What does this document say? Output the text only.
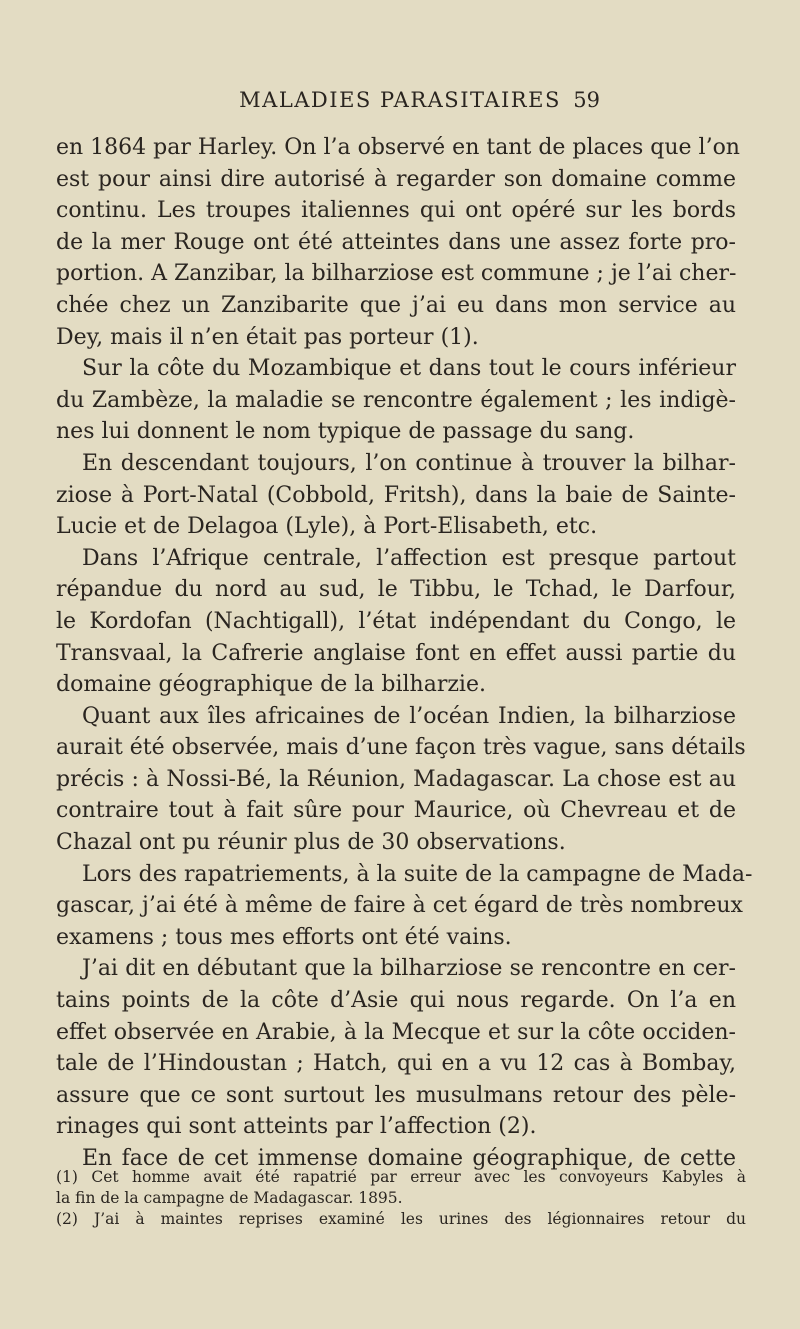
MALADIES PARASITAIRES 59
en 1864 par Harley. On l’a observé en tant de places que l’on
est pour ainsi dire autorisé à regarder son domaine comme
continu. Les troupes italiennes qui ont opéré sur les bords
de la mer Rouge ont été atteintes dans une assez forte pro-
portion. A Zanzibar, la bilharziose est commune ; je l’ai cher-
chée chez un Zanzibarite que j’ai eu dans mon service au
Dey, mais il n’en était pas porteur (1).
Sur la côte du Mozambique et dans tout le cours inférieur
du Zambèze, la maladie se rencontre également ; les indigè-
nes lui donnent le nom typique de passage du sang.
En descendant toujours, l’on continue à trouver la bilhar-
ziose à Port-Natal (Cobbold, Fritsh), dans la baie de Sainte-
Lucie et de Delagoa (Lyle), à Port-Elisabeth, etc.
Dans l’Afrique centrale, l’affection est presque partout
répandue du nord au sud, le Tibbu, le Tchad, le Darfour,
le Kordofan (Nachtigall), l’état indépendant du Congo, le
Transvaal, la Cafrerie anglaise font en effet aussi partie du
domaine géographique de la bilharzie.
Quant aux îles africaines de l’océan Indien, la bilharziose
aurait été observée, mais d’une façon très vague, sans détails
précis : à Nossi-Bé, la Réunion, Madagascar. La chose est au
contraire tout à fait sûre pour Maurice, où Chevreau et de
Chazal ont pu réunir plus de 30 observations.
Lors des rapatriements, à la suite de la campagne de Mada-
gascar, j’ai été à même de faire à cet égard de très nombreux
examens ; tous mes efforts ont été vains.
J’ai dit en débutant que la bilharziose se rencontre en cer-
tains points de la côte d’Asie qui nous regarde. On l’a en
effet observée en Arabie, à la Mecque et sur la côte occiden-
tale de l’Hindoustan ; Hatch, qui en a vu 12 cas à Bombay,
assure que ce sont surtout les musulmans retour des pèle-
rinages qui sont atteints par l’affection (2).
En face de cet immense domaine géographique, de cette
(1) Cet homme avait été rapatrié par erreur avec les convoyeurs Kabyles à
la fin de la campagne de Madagascar. 1895.
(2) J’ai à maintes reprises examiné les urines des légionnaires retour du
